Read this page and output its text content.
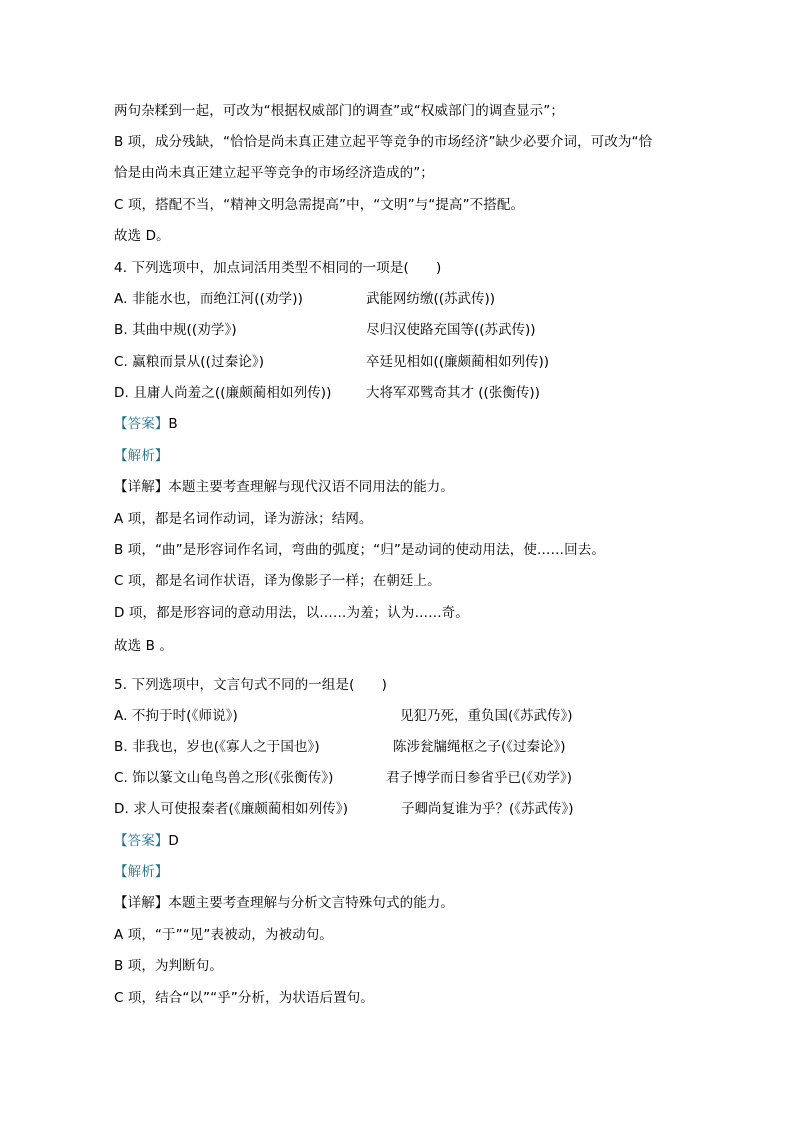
两句杂糅到一起，可改为“根据权威部门的调查”或“权威部门的调查显示”；
B 项，成分残缺，“恰恰是尚未真正建立起平等竞争的市场经济”缺少必要介词，可改为“恰
恰是由尚未真正建立起平等竞争的市场经济造成的”；
C 项，搭配不当，“精神文明急需提高”中，“文明”与“提高”不搭配。
故选 D。
4. 下列选项中，加点词活用类型不相同的一项是(　　)
A. 非能水也，而绝江河((劝学))	武能网纺缴((苏武传))
B. 其曲中规((劝学》)	尽归汉使路充国等((苏武传))
C. 赢粮而景从((过秦论》)	卒廷见相如((廉颇蔺相如列传))
D. 且庸人尚羞之((廉颇蔺相如列传))	大将军邓骘奇其才 ((张衡传))
【答案】B
【解析】
【详解】本题主要考查理解与现代汉语不同用法的能力。
A 项，都是名词作动词，译为游泳；结网。
B 项，“曲”是形容词作名词，弯曲的弧度；“归”是动词的使动用法，使……回去。
C 项，都是名词作状语，译为像影子一样；在朝廷上。
D 项，都是形容词的意动用法，以……为羞；认为……奇。
故选 B 。
5. 下列选项中，文言句式不同的一组是(　　)
A. 不拘于时(《师说》)	见犯乃死，重负国(《苏武传》)
B. 非我也，岁也(《寡人之于国也》)	陈涉瓮牖绳枢之子(《过秦论》)
C. 饰以篆文山龟鸟兽之形(《张衡传》)	君子博学而日参省乎已(《劝学》)
D. 求人可使报秦者(《廉颇蔺相如列传》)	子卿尚复谁为乎？(《苏武传》)
【答案】D
【解析】
【详解】本题主要考查理解与分析文言特殊句式的能力。
A 项，“于”“见”表被动，为被动句。
B 项，为判断句。
C 项，结合“以”“乎”分析，为状语后置句。
